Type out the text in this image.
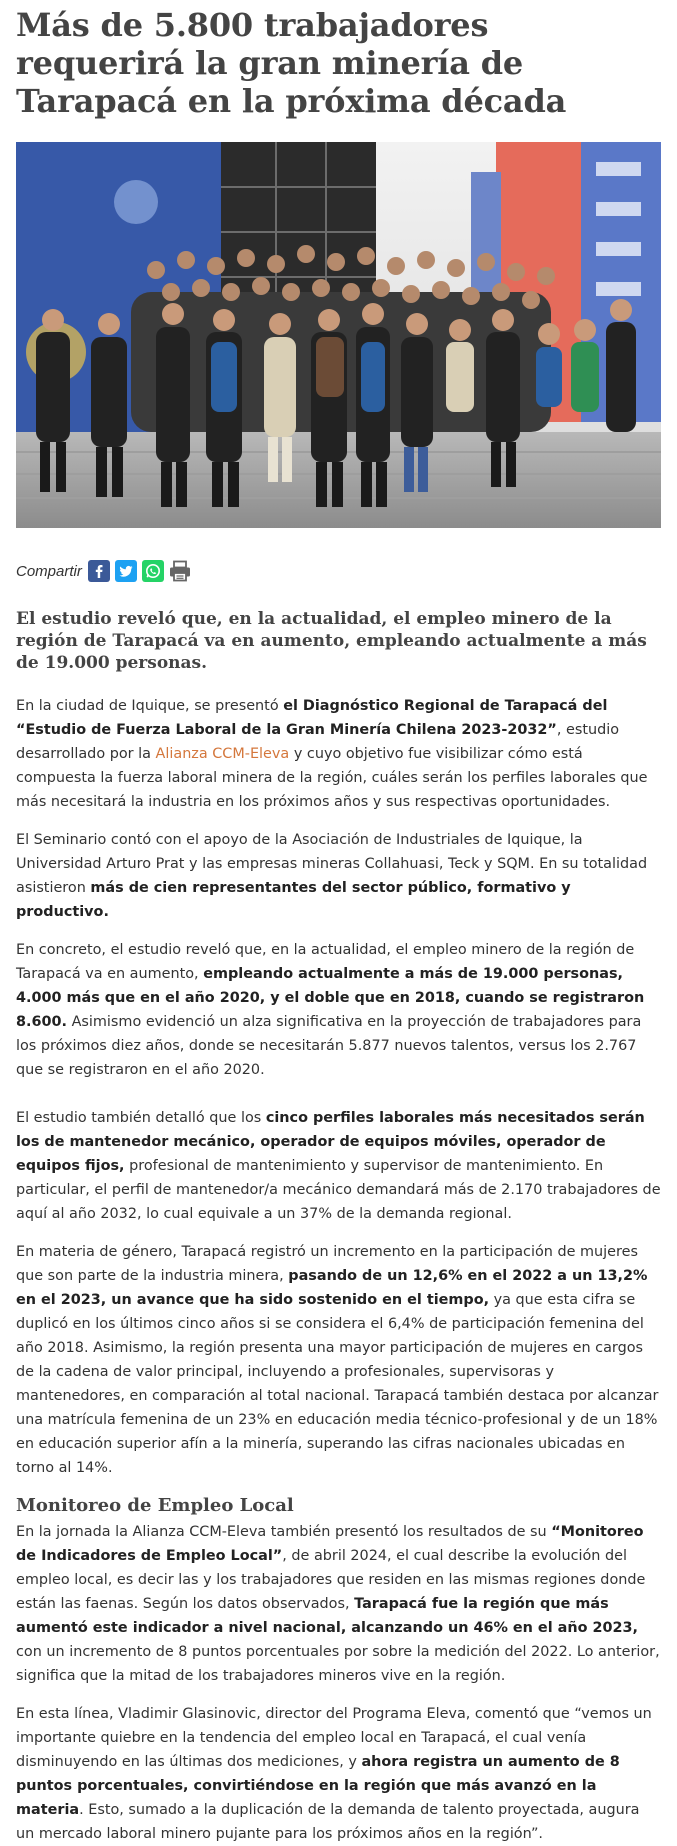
Más de 5.800 trabajadores requerirá la gran minería de Tarapacá en la próxima década
Compartir

El estudio reveló que, en la actualidad, el empleo minero de la región de Tarapacá va en aumento, empleando actualmente a más de 19.000 personas.

En la ciudad de Iquique, se presentó el Diagnóstico Regional de Tarapacá del “Estudio de Fuerza Laboral de la Gran Minería Chilena 2023-2032”, estudio desarrollado por la Alianza CCM-Eleva y cuyo objetivo fue visibilizar cómo está compuesta la fuerza laboral minera de la región, cuáles serán los perfiles laborales que más necesitará la industria en los próximos años y sus respectivas oportunidades.

El Seminario contó con el apoyo de la Asociación de Industriales de Iquique, la Universidad Arturo Prat y las empresas mineras Collahuasi, Teck y SQM. En su totalidad asistieron más de cien representantes del sector público, formativo y productivo.

En concreto, el estudio reveló que, en la actualidad, el empleo minero de la región de Tarapacá va en aumento, empleando actualmente a más de 19.000 personas, 4.000 más que en el año 2020, y el doble que en 2018, cuando se registraron 8.600. Asimismo evidenció un alza significativa en la proyección de trabajadores para los próximos diez años, donde se necesitarán 5.877 nuevos talentos, versus los 2.767 que se registraron en el año 2020.

El estudio también detalló que los cinco perfiles laborales más necesitados serán los de mantenedor mecánico, operador de equipos móviles, operador de equipos fijos, profesional de mantenimiento y supervisor de mantenimiento. En particular, el perfil de mantenedor/a mecánico demandará más de 2.170 trabajadores de aquí al año 2032, lo cual equivale a un 37% de la demanda regional.

En materia de género, Tarapacá registró un incremento en la participación de mujeres que son parte de la industria minera, pasando de un 12,6% en el 2022 a un 13,2% en el 2023, un avance que ha sido sostenido en el tiempo, ya que esta cifra se duplicó en los últimos cinco años si se considera el 6,4% de participación femenina del año 2018. Asimismo, la región presenta una mayor participación de mujeres en cargos de la cadena de valor principal, incluyendo a profesionales, supervisoras y mantenedores, en comparación al total nacional. Tarapacá también destaca por alcanzar una matrícula femenina de un 23% en educación media técnico-profesional y de un 18% en educación superior afín a la minería, superando las cifras nacionales ubicadas en torno al 14%.

Monitoreo de Empleo Local

En la jornada la Alianza CCM-Eleva también presentó los resultados de su “Monitoreo de Indicadores de Empleo Local”, de abril 2024, el cual describe la evolución del empleo local, es decir las y los trabajadores que residen en las mismas regiones donde están las faenas. Según los datos observados, Tarapacá fue la región que más aumentó este indicador a nivel nacional, alcanzando un 46% en el año 2023, con un incremento de 8 puntos porcentuales por sobre la medición del 2022. Lo anterior, significa que la mitad de los trabajadores mineros vive en la región.

En esta línea, Vladimir Glasinovic, director del Programa Eleva, comentó que “vemos un importante quiebre en la tendencia del empleo local en Tarapacá, el cual venía disminuyendo en las últimas dos mediciones, y ahora registra un aumento de 8 puntos porcentuales, convirtiéndose en la región que más avanzó en la materia. Esto, sumado a la duplicación de la demanda de talento proyectada, augura un mercado laboral minero pujante para los próximos años en la región”.
